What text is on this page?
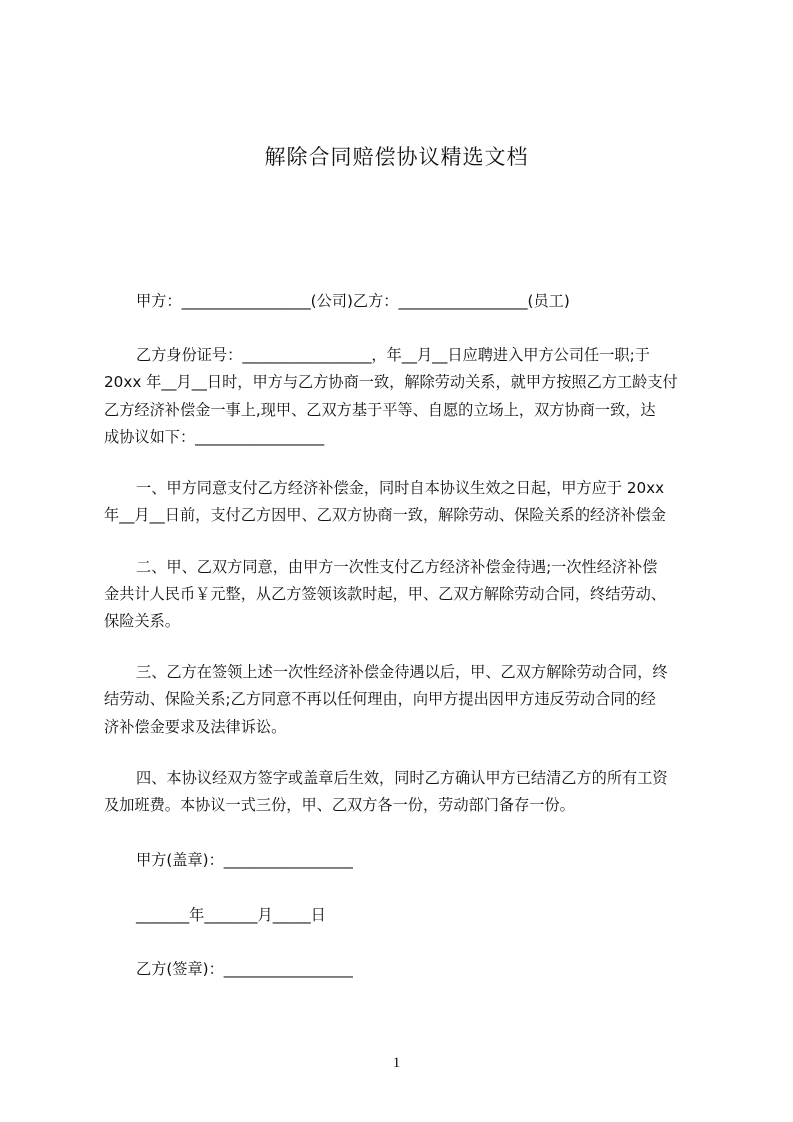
解除合同赔偿协议精选文档
甲方：_________________(公司)乙方：_________________(员工)
乙方身份证号：_________________，年__月__日应聘进入甲方公司任一职;于
20xx 年__月__日时，甲方与乙方协商一致，解除劳动关系，就甲方按照乙方工龄支付
乙方经济补偿金一事上,现甲、乙双方基于平等、自愿的立场上，双方协商一致，达
成协议如下：_________________
一、甲方同意支付乙方经济补偿金，同时自本协议生效之日起，甲方应于 20xx
年__月__日前，支付乙方因甲、乙双方协商一致，解除劳动、保险关系的经济补偿金
二、甲、乙双方同意，由甲方一次性支付乙方经济补偿金待遇;一次性经济补偿
金共计人民币￥元整，从乙方签领该款时起，甲、乙双方解除劳动合同，终结劳动、
保险关系。
三、乙方在签领上述一次性经济补偿金待遇以后，甲、乙双方解除劳动合同，终
结劳动、保险关系;乙方同意不再以任何理由，向甲方提出因甲方违反劳动合同的经
济补偿金要求及法律诉讼。
四、本协议经双方签字或盖章后生效，同时乙方确认甲方已结清乙方的所有工资
及加班费。本协议一式三份，甲、乙双方各一份，劳动部门备存一份。
甲方(盖章)：_________________
_______年_______月_____日
乙方(签章)：_________________
1
